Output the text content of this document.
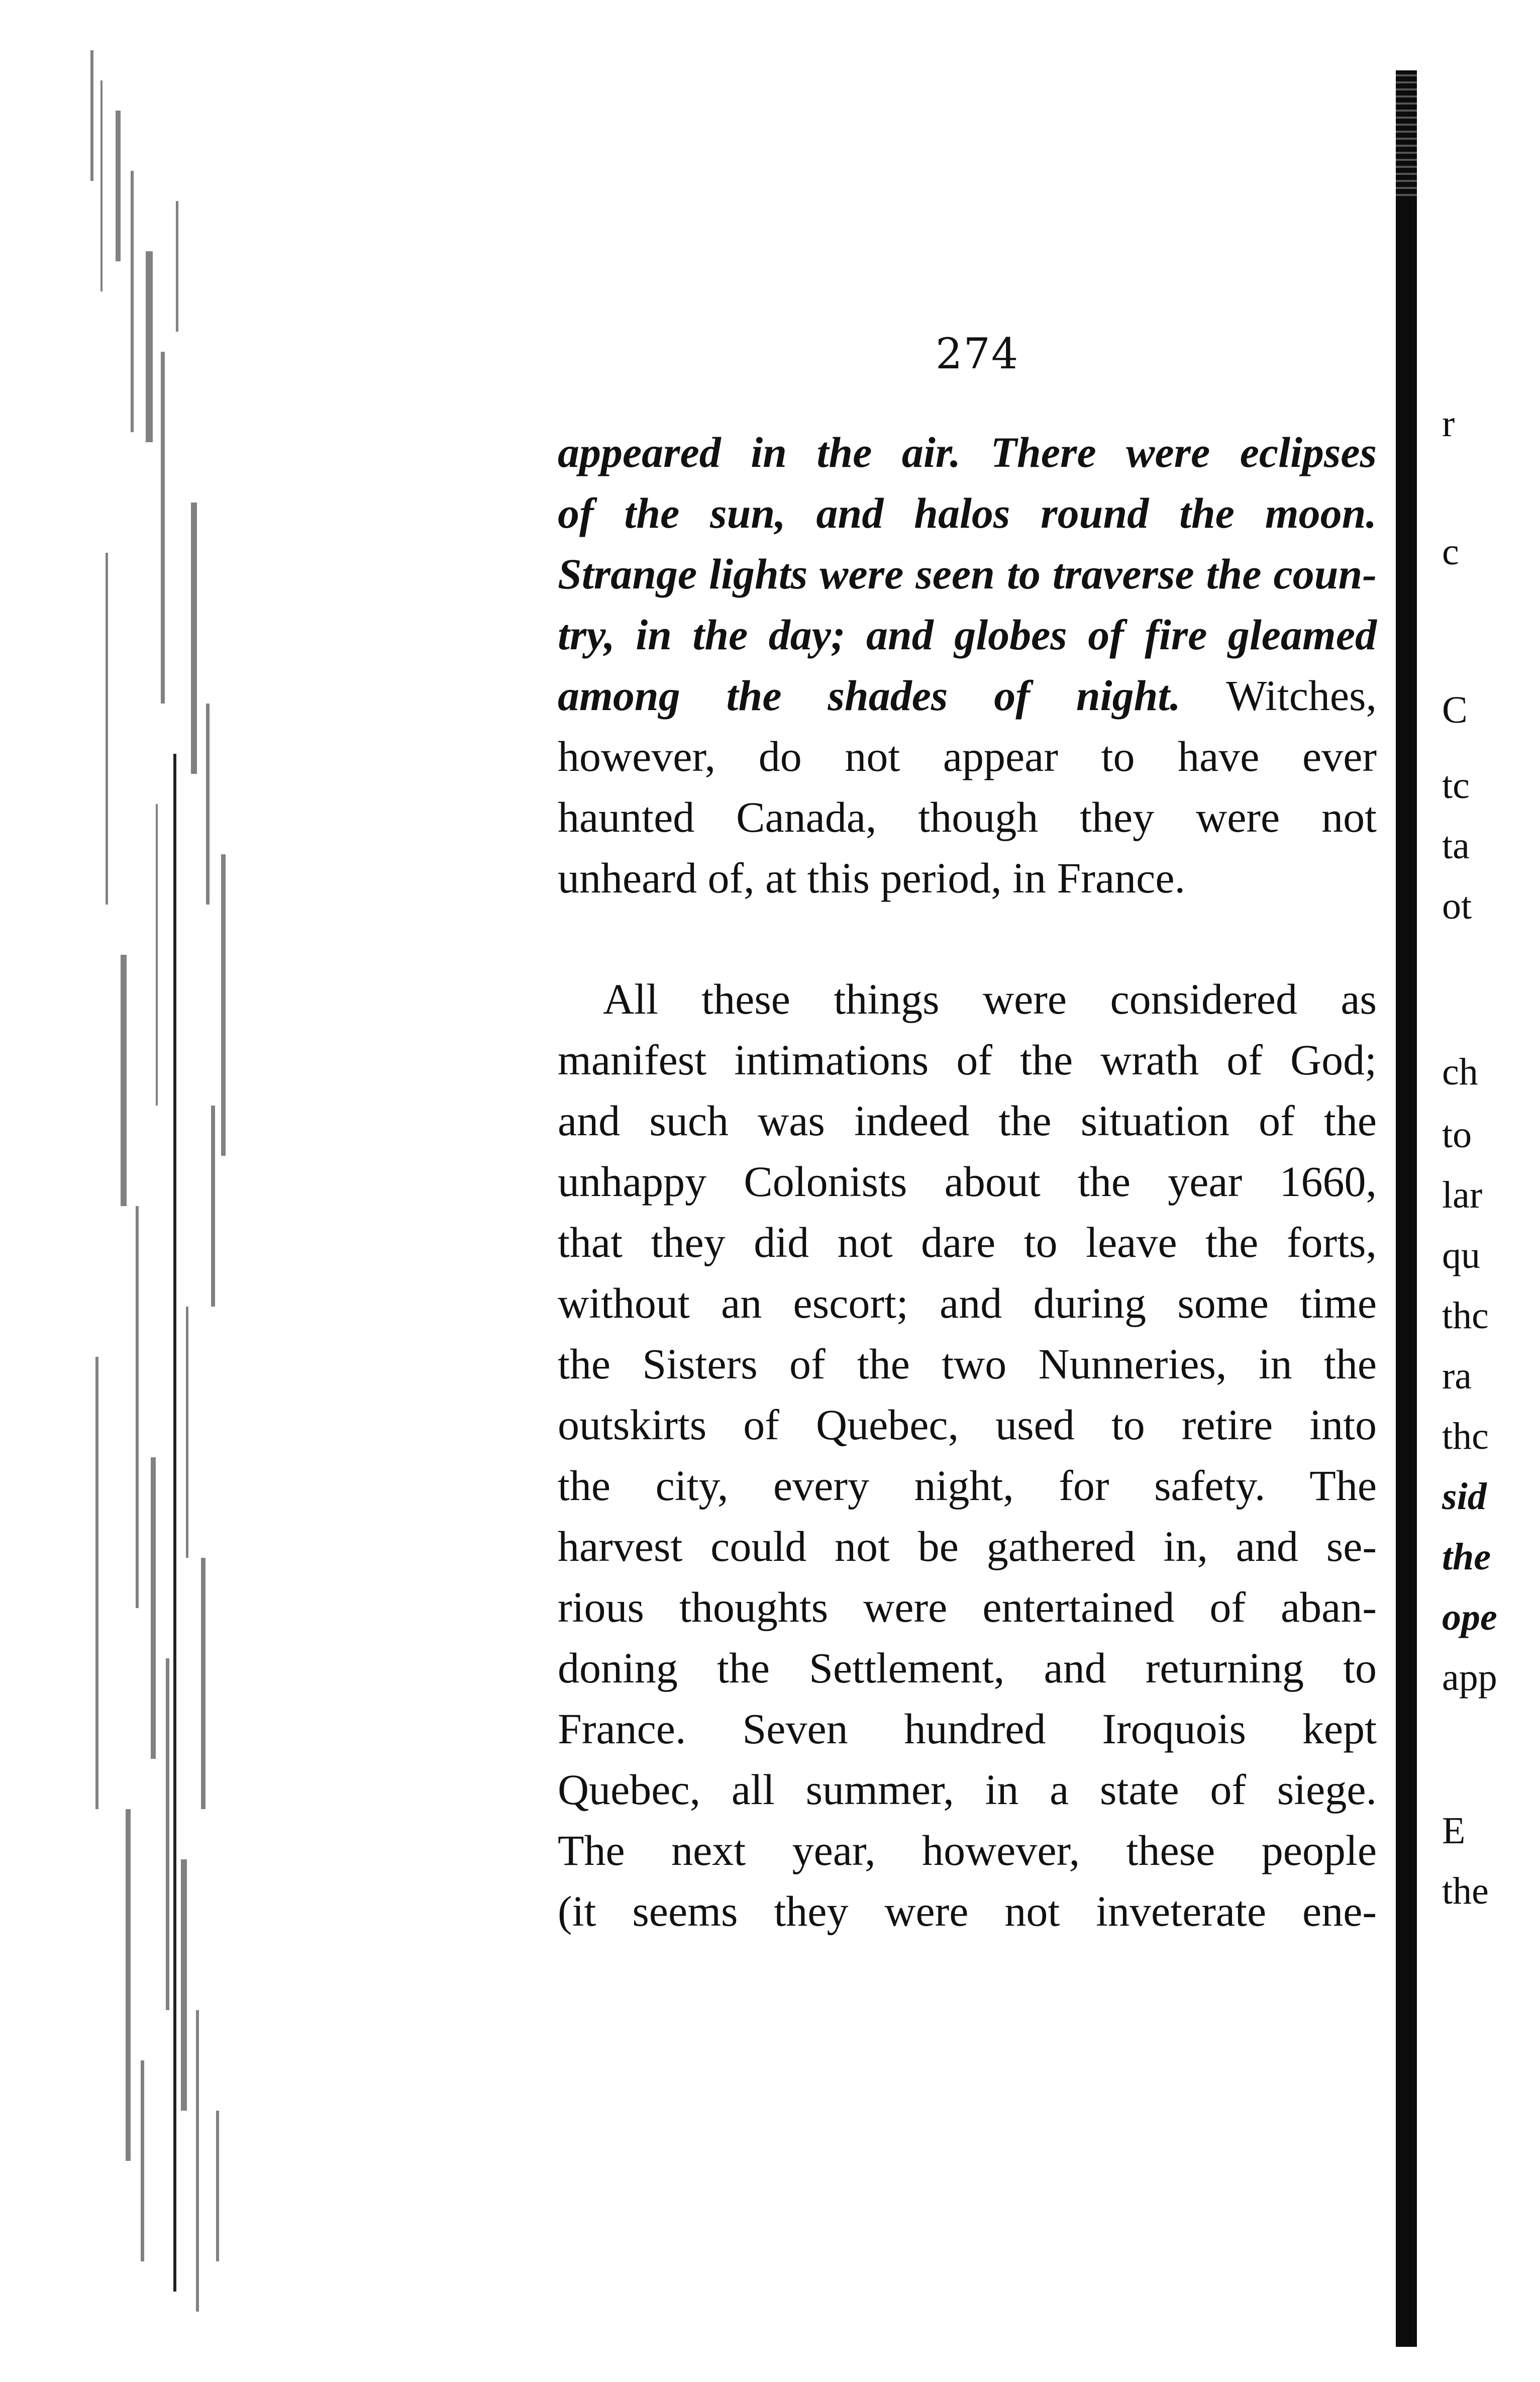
274
appeared in the air. There were eclipses
of the sun, and halos round the moon.
Strange lights were seen to traverse the coun-
try, in the day; and globes of fire gleamed
among the shades of night. Witches,
however, do not appear to have ever
haunted Canada, though they were not
unheard of, at this period, in France.
All these things were considered as
manifest intimations of the wrath of God;
and such was indeed the situation of the
unhappy Colonists about the year 1660,
that they did not dare to leave the forts,
without an escort; and during some time
the Sisters of the two Nunneries, in the
outskirts of Quebec, used to retire into
the city, every night, for safety. The
harvest could not be gathered in, and se-
rious thoughts were entertained of aban-
doning the Settlement, and returning to
France. Seven hundred Iroquois kept
Quebec, all summer, in a state of siege.
The next year, however, these people
(it seems they were not inveterate ene-
r
c
C
tc
ta
ot
ch
to
lar
qu
thc
ra
thc
sid
the
ope
app
E
the
